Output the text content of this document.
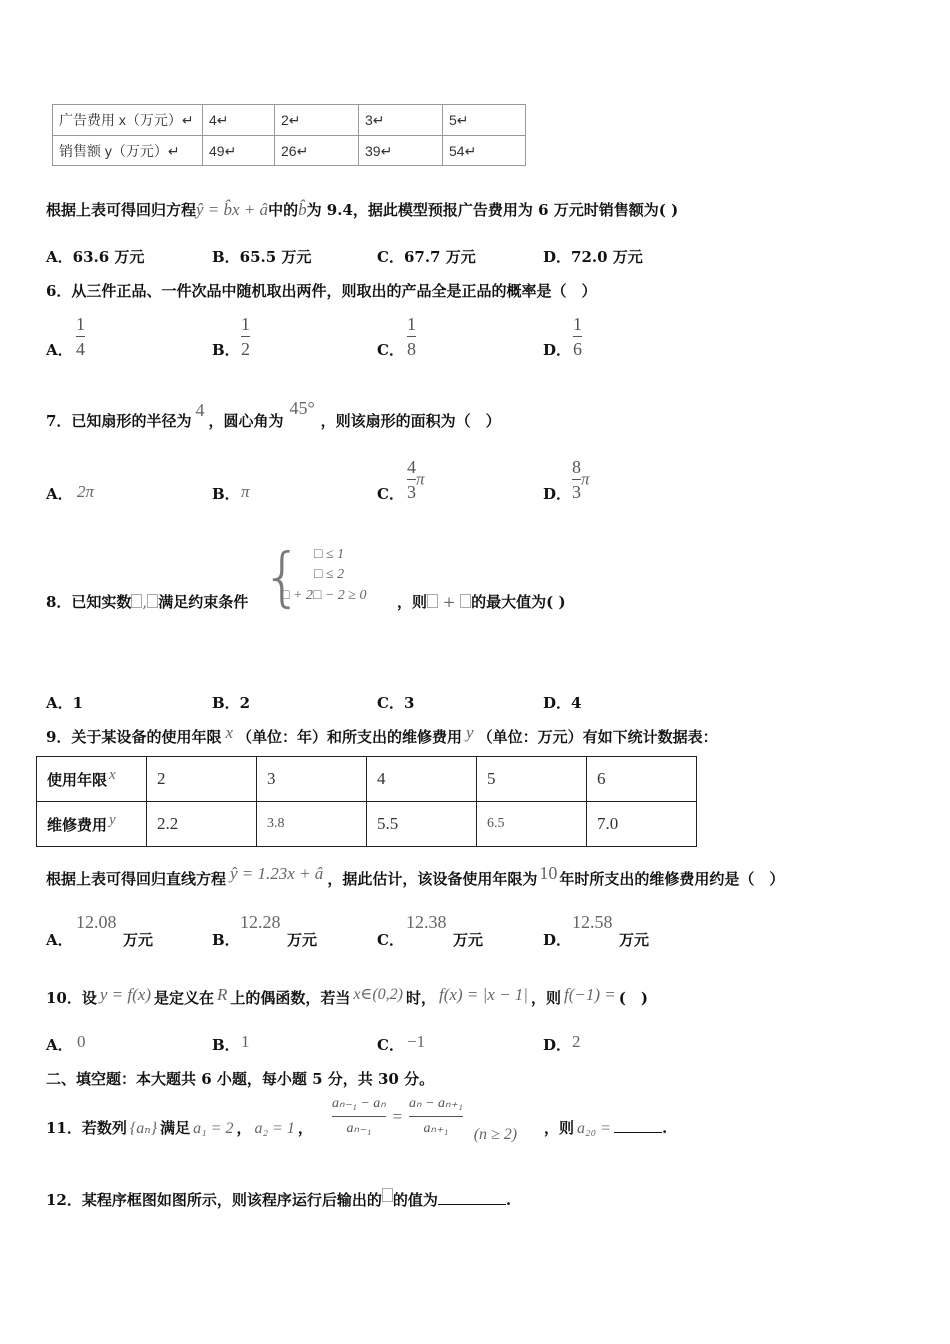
广告费用 x（万元）↵	4↵	2↵	3↵	5↵
销售额 y（万元）↵	49↵	26↵	39↵	54↵
根据上表可得回归方程ŷ = b̂x + â中的b̂为 9.4，据此模型预报广告费用为 6 万元时销售额为( )
A．63.6 万元	B．65.5 万元	C．67.7 万元	D．72.0 万元
6．从三件正品、一件次品中随机取出两件，则取出的产品全是正品的概率是（　）
A．
1
4	B．
1
2	C．
1
8	D．
1
6
7．已知扇形的半径为4，圆心角为45°，则该扇形的面积为（　）
A． 2π	B． π	C． $\frac{4}{3}$ π
D． $\frac{8}{3}$ π
{ □ ≤ 1
□ ≤ 2
□ + 2□ − 2 ≥ 0
8．已知实数 , 满足约束条件	，则 + 的最大值为( )
A．1	B．2	C．3	D．4
9．关于某设备的使用年限 x （单位：年）和所支出的维修费用 y （单位：万元）有如下统计数据表：
使用年限 x	2	3	4	5	6
维修费用 y	2.2	3.8	5.5	6.5	7.0
根据上表可得回归直线方程 ŷ = 1.23x + â ，据此估计，该设备使用年限为 10 年时所支出的维修费用约是（　）
A．
12.08
万元	B．
12.28
万元	C．
12.38
万元	D．
12.58
万元
10．设 y = f(x) 是定义在 R 上的偶函数，若当 x∈(0,2) 时， f(x) = |x − 1| ，则 f(−1) = (　)
A． 0	B． 1	C． −1	D． 2
二、填空题：本大题共 6 小题，每小题 5 分，共 30 分。
11．若数列 {aₙ} 满足 a₁ = 2 ， a₂ = 1 ， $\frac{\text{aₙ₋₁ − aₙ}}{\text{aₙ₋₁}} = \frac{\text{aₙ − aₙ₊₁}}{\text{aₙ₊₁}} (n \ge 2)$ ，则 a₂₀ =	.
12．某程序框图如图所示，则该程序运行后输出的 的值为	.
